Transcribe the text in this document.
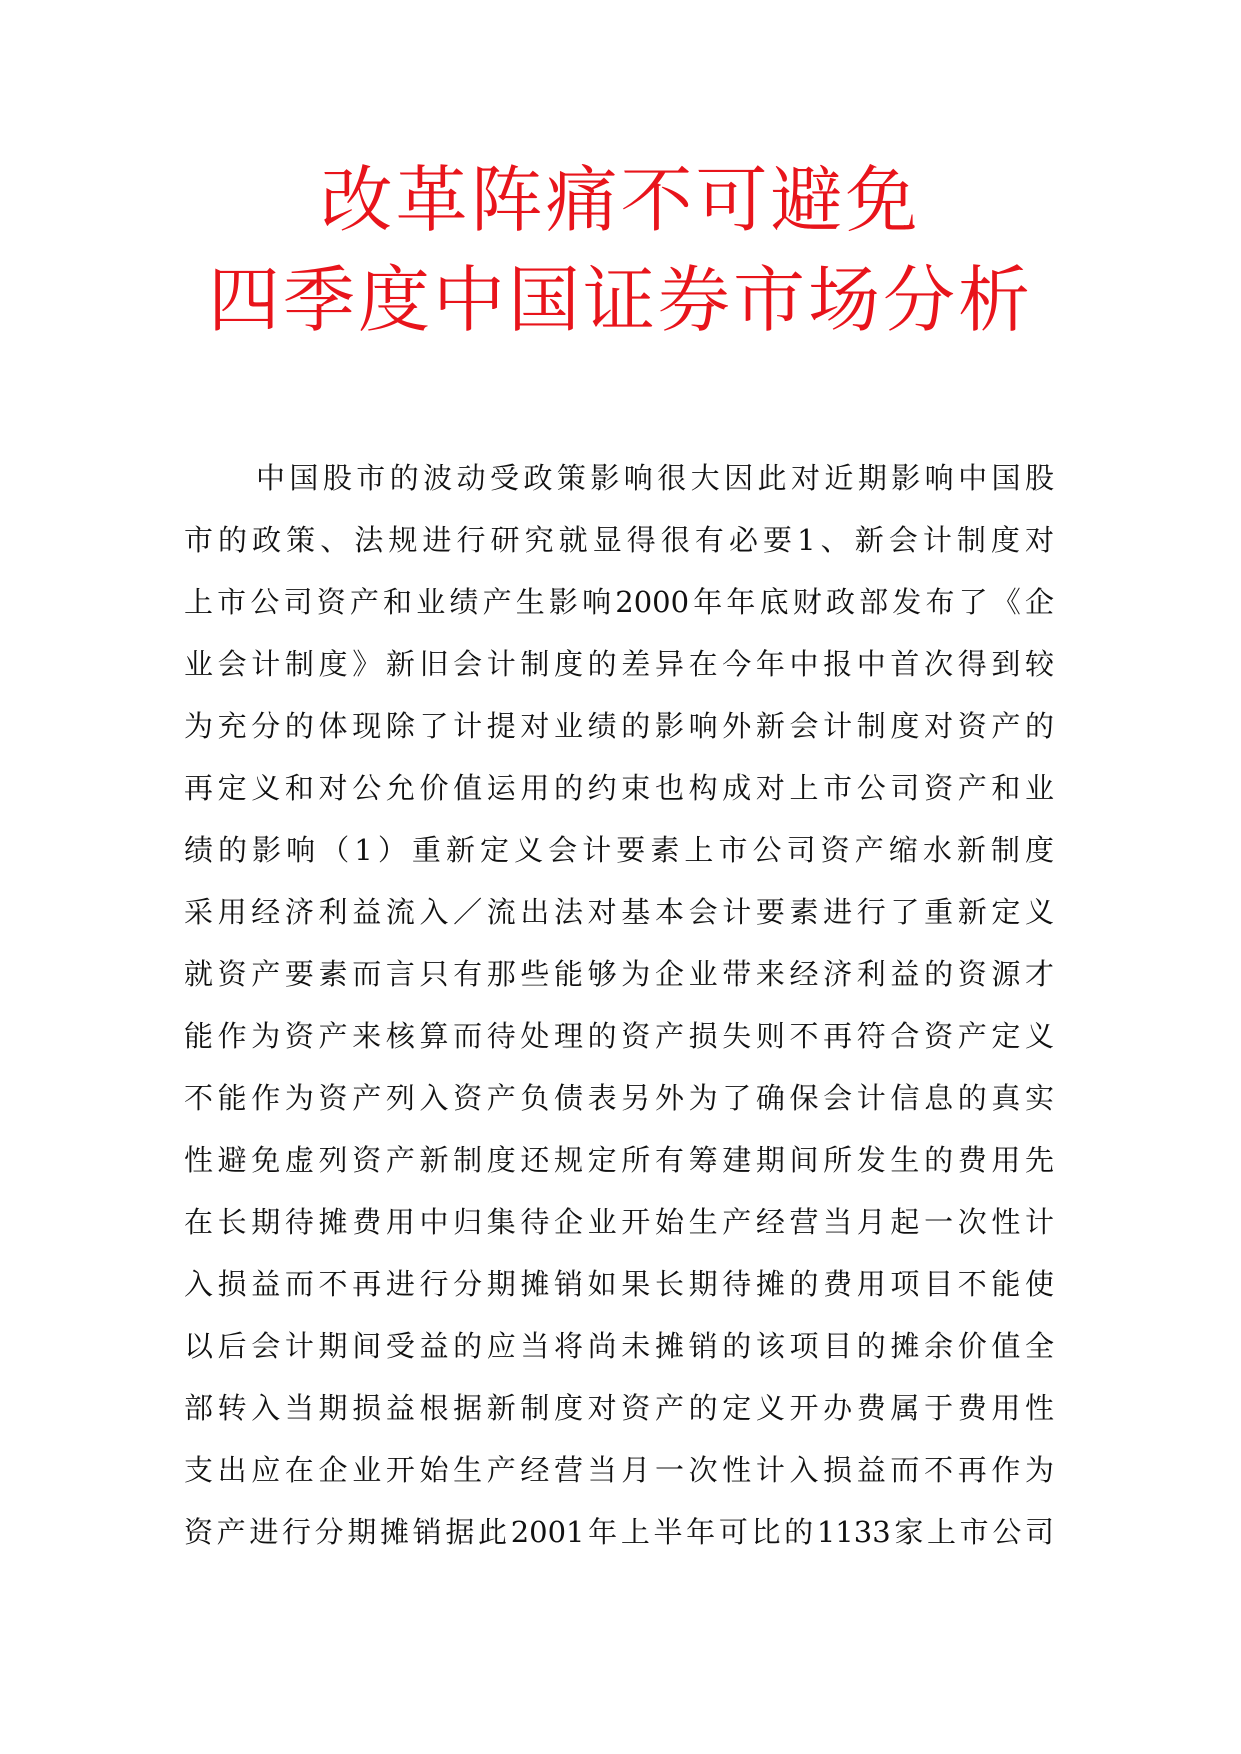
改革阵痛不可避免
四季度中国证券市场分析
中国股市的波动受政策影响很大因此对近期影响中国股
市的政策、法规进行研究就显得很有必要1、新会计制度对
上市公司资产和业绩产生影响2000年年底财政部发布了《企
业会计制度》新旧会计制度的差异在今年中报中首次得到较
为充分的体现除了计提对业绩的影响外新会计制度对资产的
再定义和对公允价值运用的约束也构成对上市公司资产和业
绩的影响（1）重新定义会计要素上市公司资产缩水新制度
采用经济利益流入／流出法对基本会计要素进行了重新定义
就资产要素而言只有那些能够为企业带来经济利益的资源才
能作为资产来核算而待处理的资产损失则不再符合资产定义
不能作为资产列入资产负债表另外为了确保会计信息的真实
性避免虚列资产新制度还规定所有筹建期间所发生的费用先
在长期待摊费用中归集待企业开始生产经营当月起一次性计
入损益而不再进行分期摊销如果长期待摊的费用项目不能使
以后会计期间受益的应当将尚未摊销的该项目的摊余价值全
部转入当期损益根据新制度对资产的定义开办费属于费用性
支出应在企业开始生产经营当月一次性计入损益而不再作为
资产进行分期摊销据此2001年上半年可比的1133家上市公司
